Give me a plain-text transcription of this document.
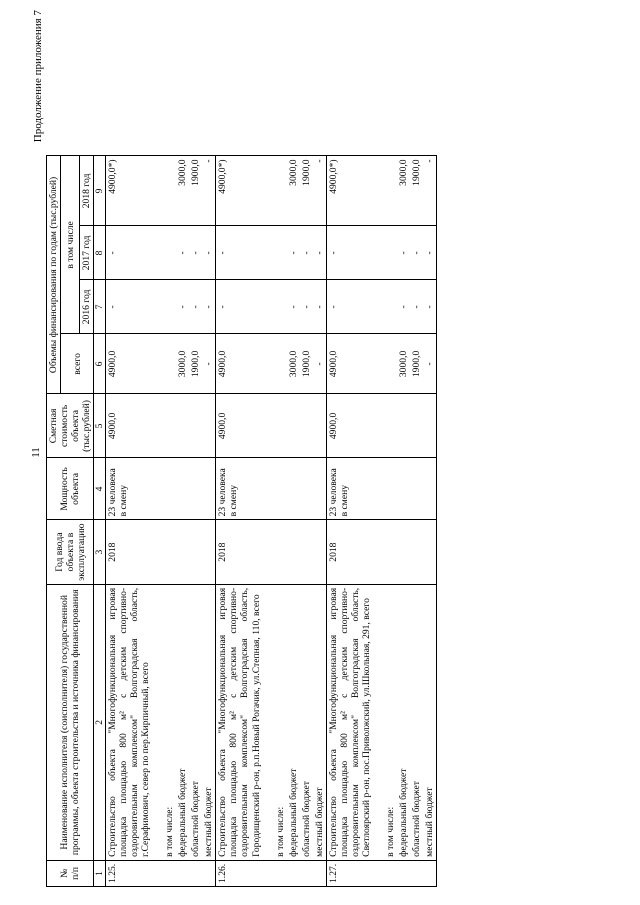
11
Продолжение приложения 7
№ п/п	Наименование исполнителя (соисполнителя) государственной программы, объекта строительства и источника финансирования	Год ввода объекта в эксплуатацию	Мощность объекта	Сметная стоимость объекта (тыс.рублей)	Объемы финансирования по годам (тыс.рублей)			
					всего	в том числе		
						2016 год	2017 год	2018 год
1	2	3	4	5	6	7	8	9
1.25.	Строительство объекта "Многофункциональная игровая площадка площадью 800 м² с детским спортивно-оздоровительным комплексом" Волгоградская область, г.Серафимович, север по пер.Кирпичный, всего	2018	23 человека в смену	4900,0	4900,0	-	-	4900,0*)
	в том числе:							
	федеральный бюджет				3000,0	-	-	3000,0
	областной бюджет				1900,0	-	-	1900,0
	местный бюджет				-	-	-	-
1.26.	Строительство объекта "Многофункциональная игровая площадка площадью 800 м² с детским спортивно-оздоровительным комплексом" Волгоградская область, Городищенский р-он, р.п.Новый Рогачик, ул.Степная, 110, всего	2018	23 человека в смену	4900,0	4900,0	-	-	4900,0*)
	в том числе:							
	федеральный бюджет				3000,0	-	-	3000,0
	областной бюджет				1900,0	-	-	1900,0
	местный бюджет				-	-	-	-
1.27.	Строительство объекта "Многофункциональная игровая площадка площадью 800 м² с детским спортивно-оздоровительным комплексом" Волгоградская область, Светлоярский р-он, пос.Приволжский, ул.Школьная, 291, всего	2018	23 человека в смену	4900,0	4900,0	-	-	4900,0*)
	в том числе:							
	федеральный бюджет				3000,0	-	-	3000,0
	областной бюджет				1900,0	-	-	1900,0
	местный бюджет				-	-	-	-
